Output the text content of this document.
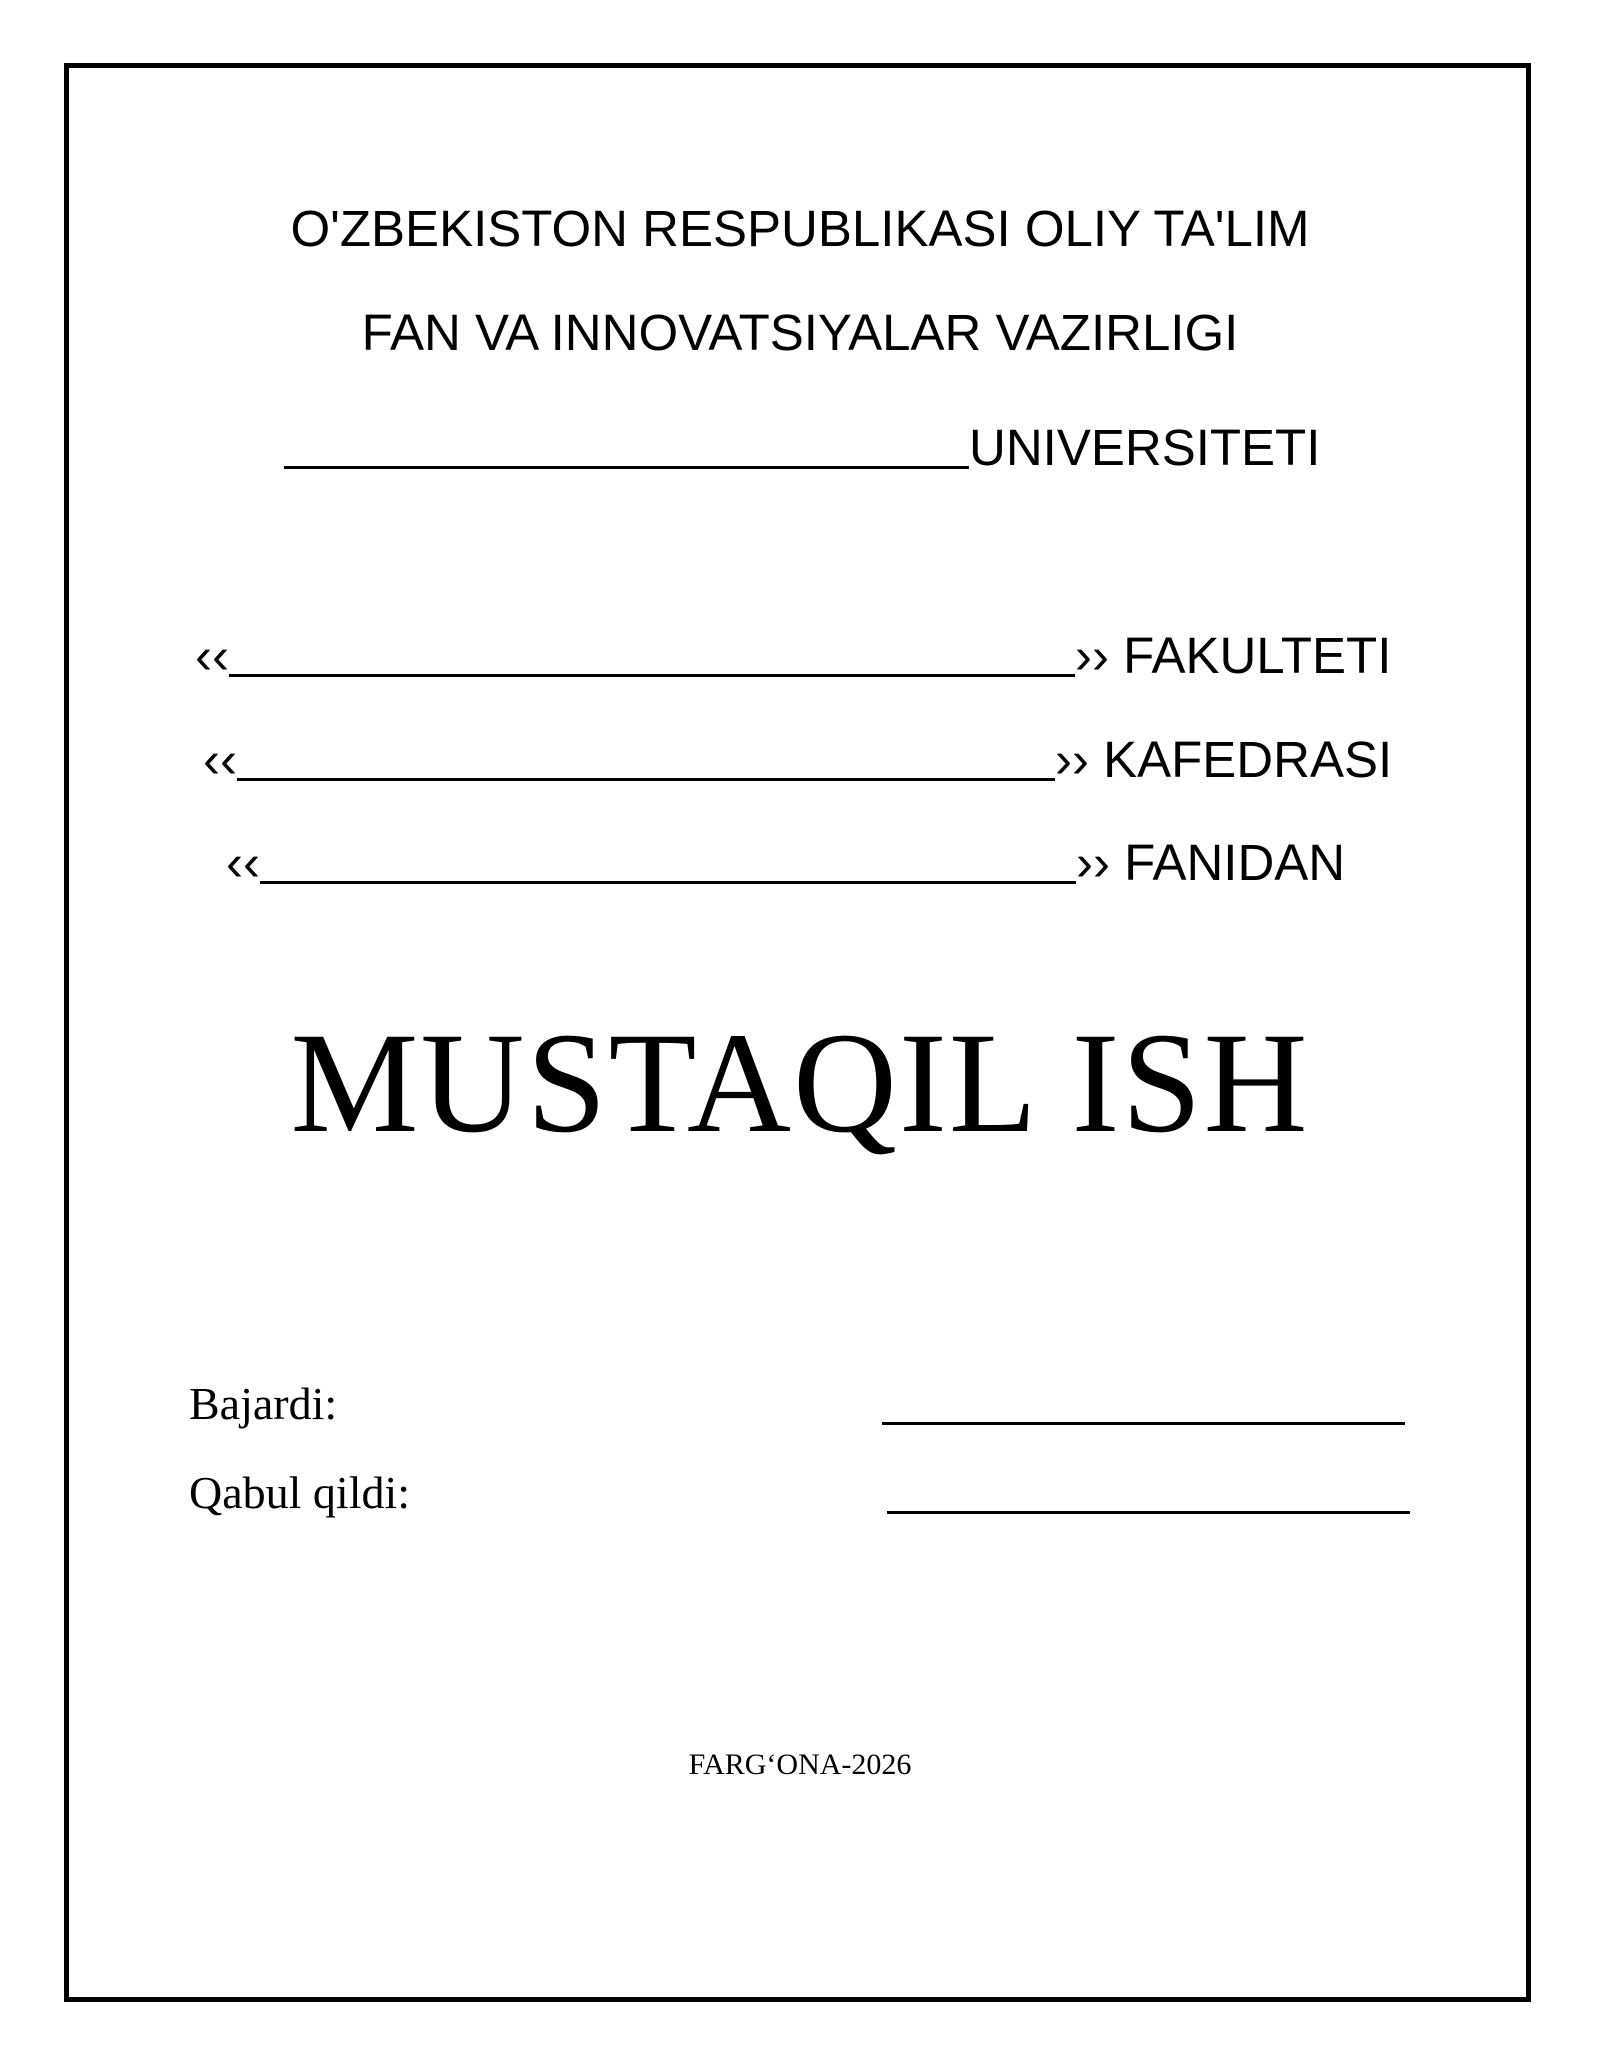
O'ZBEKISTON RESPUBLIKASI OLIY TA'LIM
FAN VA INNOVATSIYALAR VAZIRLIGI
UNIVERSITETI
‹‹	›› FAKULTETI
‹‹	›› KAFEDRASI
‹‹	›› FANIDAN
MUSTAQIL ISH
Bajardi:
Qabul qildi:
FARG‘ONA-2026
